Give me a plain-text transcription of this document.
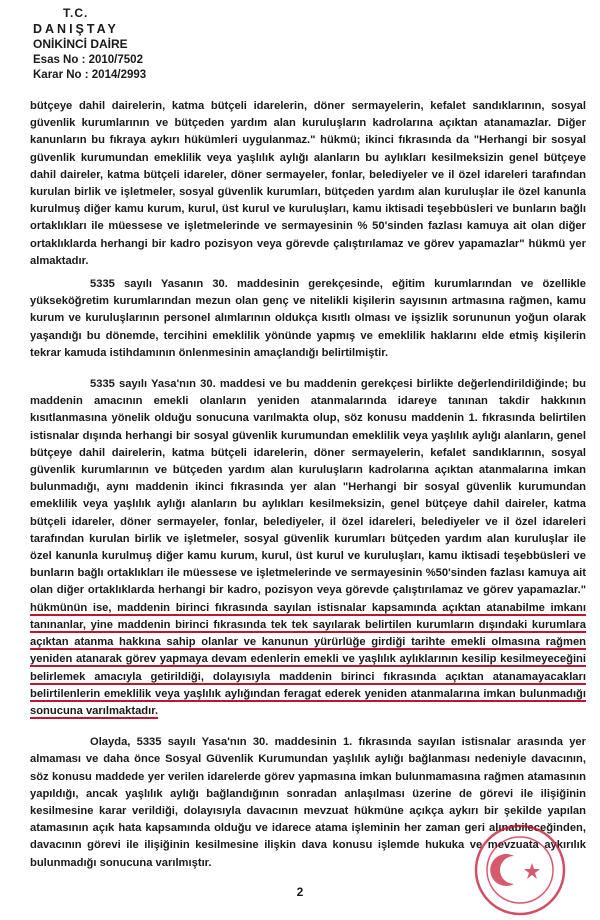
T.C.
DANIŞTAY
ONİKİNCİ DAİRE
Esas No : 2010/7502
Karar No : 2014/2993

bütçeye dahil dairelerin, katma bütçeli idarelerin, döner sermayelerin, kefalet sandıklarının, sosyal güvenlik kurumlarının ve bütçeden yardım alan kuruluşların kadrolarına açıktan atanamazlar. Diğer kanunların bu fıkraya aykırı hükümleri uygulanmaz." hükmü; ikinci fıkrasında da "Herhangi bir sosyal güvenlik kurumundan emeklilik veya yaşlılık aylığı alanların bu aylıkları kesilmeksizin genel bütçeye dahil daireler, katma bütçeli idareler, döner sermayeler, fonlar, belediyeler ve il özel idareleri tarafından kurulan birlik ve işletmeler, sosyal güvenlik kurumları, bütçeden yardım alan kuruluşlar ile özel kanunla kurulmuş diğer kamu kurum, kurul, üst kurul ve kuruluşları, kamu iktisadi teşebbüsleri ve bunların bağlı ortaklıkları ile müessese ve işletmelerinde ve sermayesinin % 50'sinden fazlası kamuya ait olan diğer ortaklıklarda herhangi bir kadro pozisyon veya görevde çalıştırılamaz ve görev yapamazlar" hükmü yer almaktadır.

5335 sayılı Yasanın 30. maddesinin gerekçesinde, eğitim kurumlarından ve özellikle yükseköğretim kurumlarından mezun olan genç ve nitelikli kişilerin sayısının artmasına rağmen, kamu kurum ve kuruluşlarının personel alımlarının oldukça kısıtlı olması ve işsizlik sorununun yoğun olarak yaşandığı bu dönemde, tercihini emeklilik yönünde yapmış ve emeklilik haklarını elde etmiş kişilerin tekrar kamuda istihdamının önlenmesinin amaçlandığı belirtilmiştir.

5335 sayılı Yasa'nın 30. maddesi ve bu maddenin gerekçesi birlikte değerlendirildiğinde; bu maddenin amacının emekli olanların yeniden atanmalarında idareye tanınan takdir hakkının kısıtlanmasına yönelik olduğu sonucuna varılmakta olup, söz konusu maddenin 1. fıkrasında belirtilen istisnalar dışında herhangi bir sosyal güvenlik kurumundan emeklilik veya yaşlılık aylığı alanların, genel bütçeye dahil dairelerin, katma bütçeli idarelerin, döner sermayelerin, kefalet sandıklarının, sosyal güvenlik kurumlarının ve bütçeden yardım alan kuruluşların kadrolarına açıktan atanmalarına imkan bulunmadığı, aynı maddenin ikinci fıkrasında yer alan "Herhangi bir sosyal güvenlik kurumundan emeklilik veya yaşlılık aylığı alanların bu aylıkları kesilmeksizin, genel bütçeye dahil daireler, katma bütçeli idareler, döner sermayeler, fonlar, belediyeler, il özel idareleri, belediyeler ve il özel idareleri tarafından kurulan birlik ve işletmeler, sosyal güvenlik kurumları bütçeden yardım alan kuruluşlar ile özel kanunla kurulmuş diğer kamu kurum, kurul, üst kurul ve kuruluşları, kamu iktisadi teşebbüsleri ve bunların bağlı ortaklıkları ile müessese ve işletmelerinde ve sermayesinin %50'sinden fazlası kamuya ait olan diğer ortaklıklarda herhangi bir kadro, pozisyon veya görevde çalıştırılamaz ve görev yapamazlar." hükmünün ise, maddenin birinci fıkrasında sayılan istisnalar kapsamında açıktan atanabilme imkanı tanınanlar, yine maddenin birinci fıkrasında tek tek sayılarak belirtilen kurumların dışındaki kurumlara açıktan atanma hakkına sahip olanlar ve kanunun yürürlüğe girdiği tarihte emekli olmasına rağmen yeniden atanarak görev yapmaya devam edenlerin emekli ve yaşlılık aylıklarının kesilip kesilmeyeceğini belirlemek amacıyla getirildiği, dolayısıyla maddenin birinci fıkrasında açıktan atanamayacakları belirtilenlerin emeklilik veya yaşlılık aylığından feragat ederek yeniden atanmalarına imkan bulunmadığı sonucuna varılmaktadır.

Olayda, 5335 sayılı Yasa'nın 30. maddesinin 1. fıkrasında sayılan istisnalar arasında yer almaması ve daha önce Sosyal Güvenlik Kurumundan yaşlılık aylığı bağlanması nedeniyle davacının, söz konusu maddede yer verilen idarelerde görev yapmasına imkan bulunmamasına rağmen atamasının yapıldığı, ancak yaşlılık aylığı bağlandığının sonradan anlaşılması üzerine de görevi ile ilişiğinin kesilmesine karar verildiği, dolayısıyla davacının mevzuat hükmüne açıkça aykırı bir şekilde yapılan atamasının açık hata kapsamında olduğu ve idarece atama işleminin her zaman geri alınabileceğinden, davacının görevi ile ilişiğinin kesilmesine ilişkin dava konusu işlemde hukuka ve mevzuata aykırılık bulunmadığı sonucuna varılmıştır.

2
